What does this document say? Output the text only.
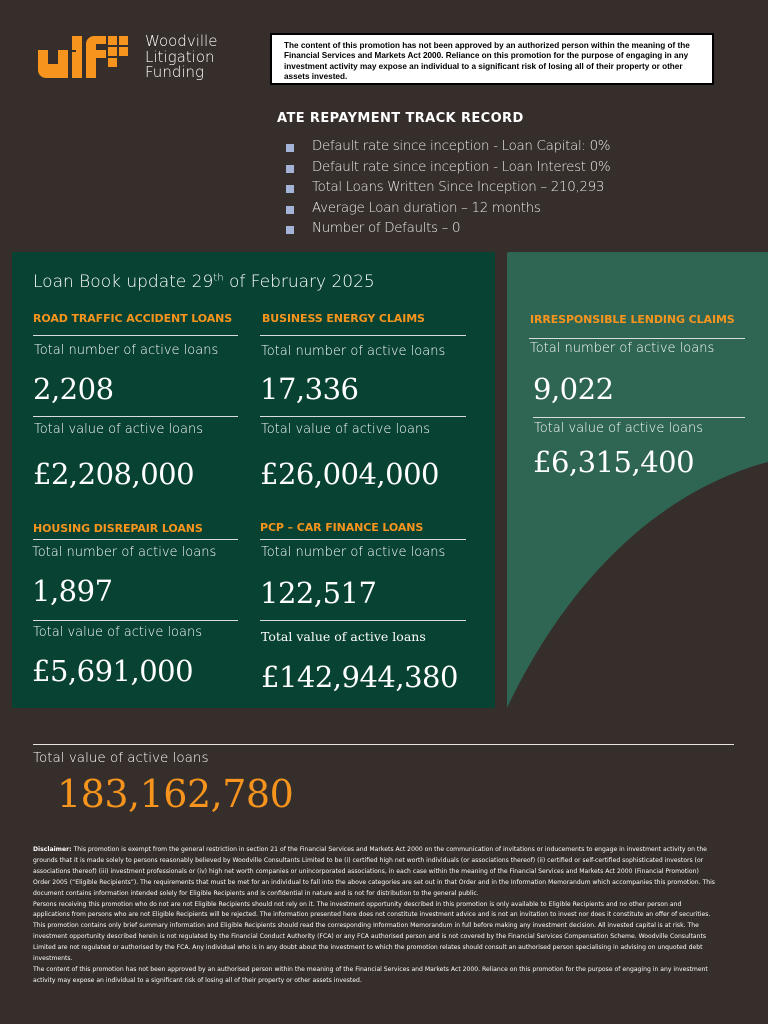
Woodville
Litigation
Funding
The content of this promotion has not been approved by an authorized person within the meaning of the Financial Services and Markets Act 2000. Reliance on this promotion for the purpose of engaging in any investment activity may expose an individual to a significant risk of losing all of their property or other assets invested.
ATE REPAYMENT TRACK RECORD
Default rate since inception - Loan Capital: 0%
Default rate since inception - Loan Interest 0%
Total Loans Written Since Inception – 210,293
Average Loan duration – 12 months
Number of Defaults – 0
Loan Book update 29th of February 2025
ROAD TRAFFIC ACCIDENT LOANS
Total number of active loans
2,208
Total value of active loans
£2,208,000
BUSINESS ENERGY CLAIMS
Total number of active loans
17,336
Total value of active loans
£26,004,000
IRRESPONSIBLE LENDING CLAIMS
Total number of active loans
9,022
Total value of active loans
£6,315,400
HOUSING DISREPAIR LOANS
Total number of active loans
1,897
Total value of active loans
£5,691,000
PCP – CAR FINANCE LOANS
Total number of active loans
122,517
Total value of active loans
£142,944,380
Total value of active loans
183,162,780

Disclaimer: This promotion is exempt from the general restriction in section 21 of the Financial Services and Markets Act 2000 on the communication of invitations or inducements to engage in investment activity on the grounds that it is made solely to persons reasonably believed by Woodville Consultants Limited to be (i) certified high net worth individuals (or associations thereof) (ii) certified or self-certified sophisticated investors (or associations thereof) (iii) investment professionals or (iv) high net worth companies or unincorporated associations, in each case within the meaning of the Financial Services and Markets Act 2000 (Financial Promotion) Order 2005 (“Eligible Recipients”). The requirements that must be met for an individual to fall into the above categories are set out in that Order and in the Information Memorandum which accompanies this promotion. This document contains information intended solely for Eligible Recipients and is confidential in nature and is not for distribution to the general public.

Persons receiving this promotion who do not are not Eligible Recipients should not rely on it. The investment opportunity described in this promotion is only available to Eligible Recipients and no other person and applications from persons who are not Eligible Recipients will be rejected. The information presented here does not constitute investment advice and is not an invitation to invest nor does it constitute an offer of securities. This promotion contains only brief summary information and Eligible Recipients should read the corresponding Information Memorandum in full before making any investment decision. All invested capital is at risk. The investment opportunity described herein is not regulated by the Financial Conduct Authority (FCA) or any FCA authorised person and is not covered by the Financial Services Compensation Scheme. Woodville Consultants Limited are not regulated or authorised by the FCA. Any individual who is in any doubt about the investment to which the promotion relates should consult an authorised person specialising in advising on unquoted debt investments.

The content of this promotion has not been approved by an authorised person within the meaning of the Financial Services and Markets Act 2000. Reliance on this promotion for the purpose of engaging in any investment activity may expose an individual to a significant risk of losing all of their property or other assets invested.
